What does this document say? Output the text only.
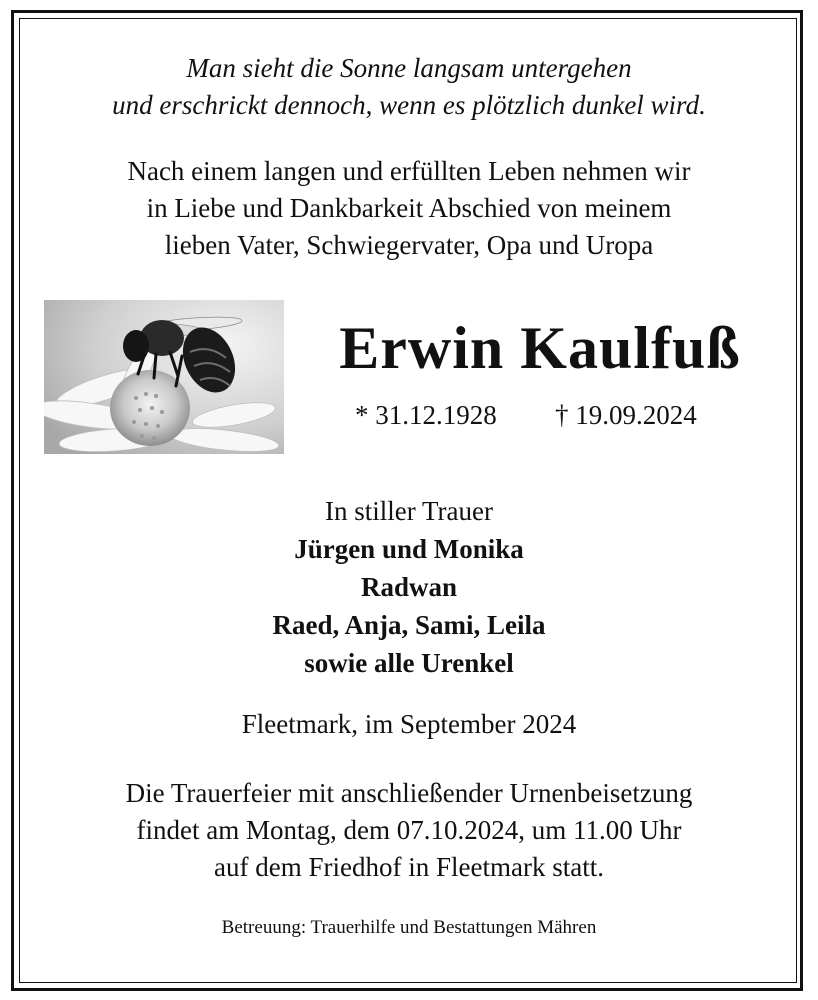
Man sieht die Sonne langsam untergehen
und erschrickt dennoch, wenn es plötzlich dunkel wird.
Nach einem langen und erfüllten Leben nehmen wir
in Liebe und Dankbarkeit Abschied von meinem
lieben Vater, Schwiegervater, Opa und Uropa
Erwin Kaulfuß
* 31.12.1928 † 19.09.2024
In stiller Trauer
Jürgen und Monika
Radwan
Raed, Anja, Sami, Leila
sowie alle Urenkel
Fleetmark, im September 2024
Die Trauerfeier mit anschließender Urnenbeisetzung
findet am Montag, dem 07.10.2024, um 11.00 Uhr
auf dem Friedhof in Fleetmark statt.
Betreuung: Trauerhilfe und Bestattungen Mähren
